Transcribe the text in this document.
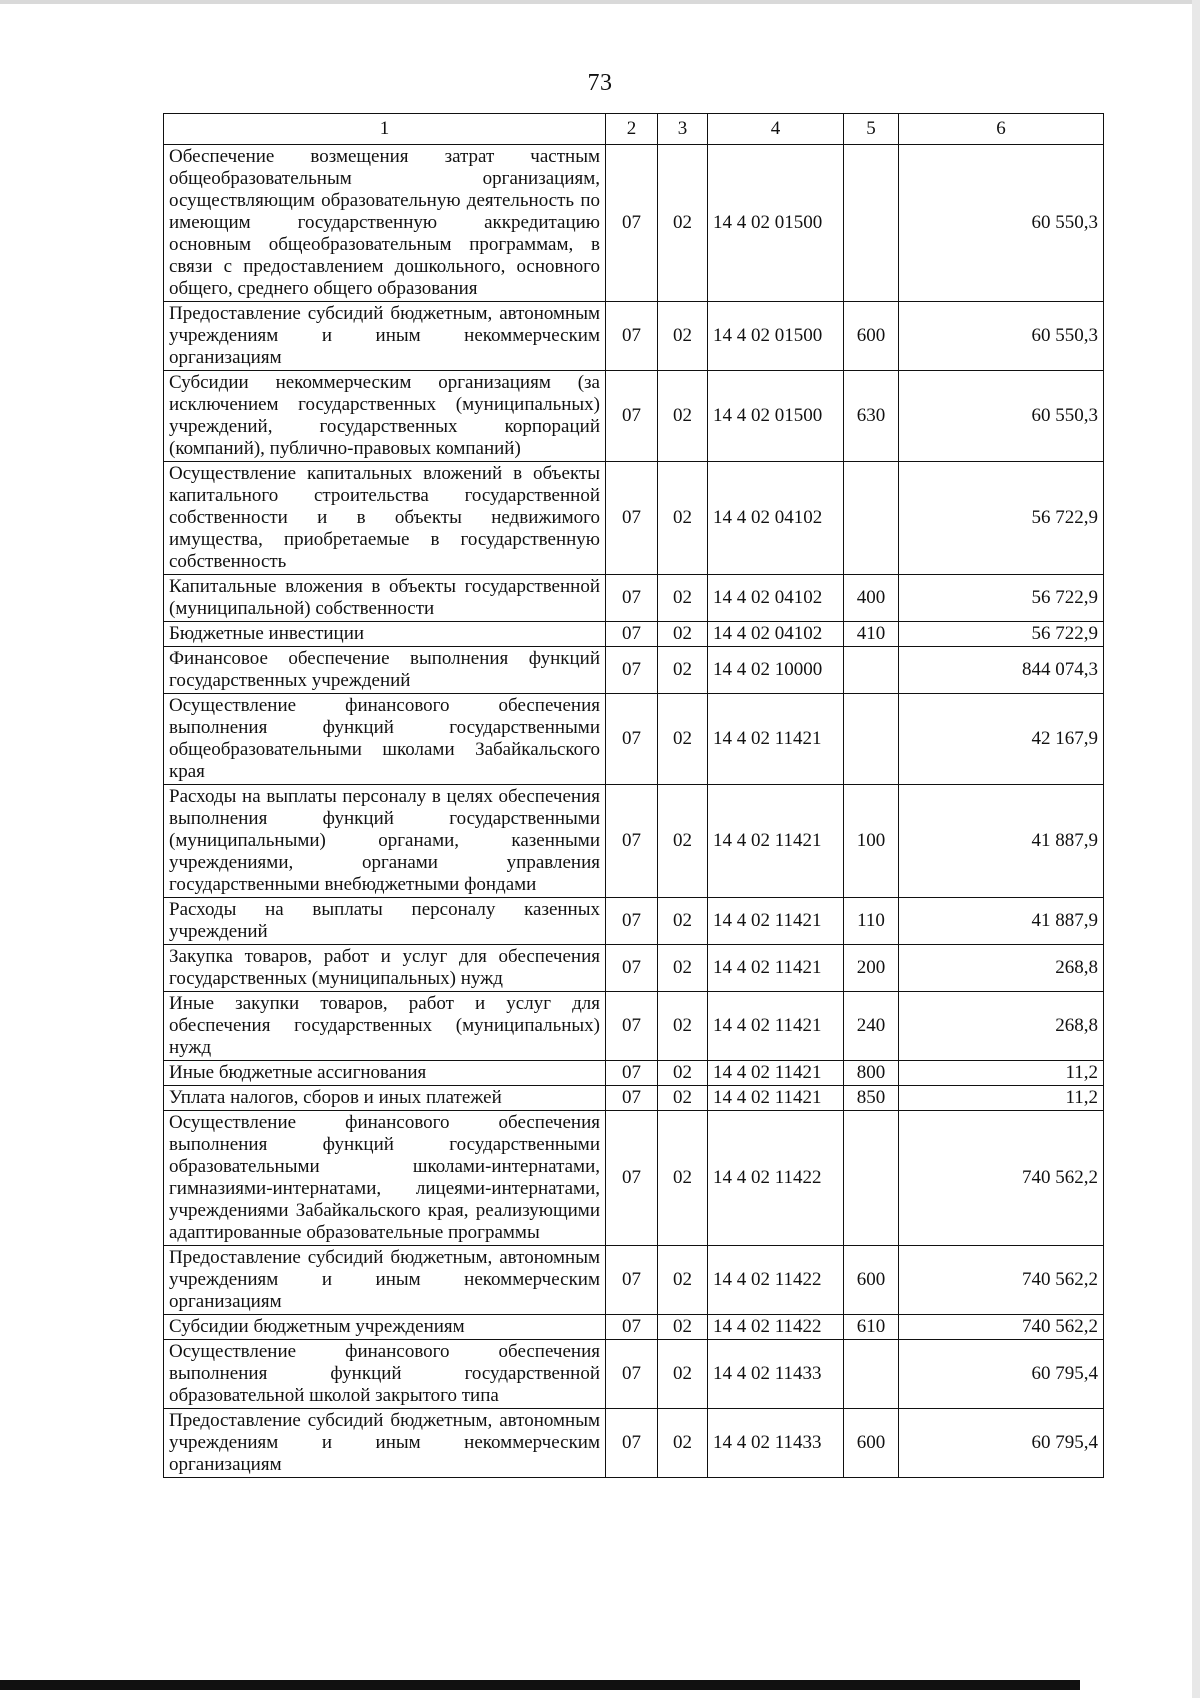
73
1	2	3	4	5	6
Обеспечение возмещения затрат частным общеобразовательным организациям, осуществляющим образовательную деятельность по имеющим государственную аккредитацию основным общеобразовательным программам, в связи с предоставлением дошкольного, основного общего, среднего общего образования	07	02	14 4 02 01500		60 550,3
Предоставление субсидий бюджетным, автономным учреждениям и иным некоммерческим организациям	07	02	14 4 02 01500	600	60 550,3
Субсидии некоммерческим организациям (за исключением государственных (муниципальных) учреждений, государственных корпораций (компаний), публично-правовых компаний)	07	02	14 4 02 01500	630	60 550,3
Осуществление капитальных вложений в объекты капитального строительства государственной собственности и в объекты недвижимого имущества, приобретаемые в государственную собственность	07	02	14 4 02 04102		56 722,9
Капитальные вложения в объекты государственной (муниципальной) собственности	07	02	14 4 02 04102	400	56 722,9
Бюджетные инвестиции	07	02	14 4 02 04102	410	56 722,9
Финансовое обеспечение выполнения функций государственных учреждений	07	02	14 4 02 10000		844 074,3
Осуществление финансового обеспечения выполнения функций государственными общеобразовательными школами Забайкальского края	07	02	14 4 02 11421		42 167,9
Расходы на выплаты персоналу в целях обеспечения выполнения функций государственными (муниципальными) органами, казенными учреждениями, органами управления государственными внебюджетными фондами	07	02	14 4 02 11421	100	41 887,9
Расходы на выплаты персоналу казенных учреждений	07	02	14 4 02 11421	110	41 887,9
Закупка товаров, работ и услуг для обеспечения государственных (муниципальных) нужд	07	02	14 4 02 11421	200	268,8
Иные закупки товаров, работ и услуг для обеспечения государственных (муниципальных) нужд	07	02	14 4 02 11421	240	268,8
Иные бюджетные ассигнования	07	02	14 4 02 11421	800	11,2
Уплата налогов, сборов и иных платежей	07	02	14 4 02 11421	850	11,2
Осуществление финансового обеспечения выполнения функций государственными образовательными школами-интернатами, гимназиями-интернатами, лицеями-интернатами, учреждениями Забайкальского края, реализующими адаптированные образовательные программы	07	02	14 4 02 11422		740 562,2
Предоставление субсидий бюджетным, автономным учреждениям и иным некоммерческим организациям	07	02	14 4 02 11422	600	740 562,2
Субсидии бюджетным учреждениям	07	02	14 4 02 11422	610	740 562,2
Осуществление финансового обеспечения выполнения функций государственной образовательной школой закрытого типа	07	02	14 4 02 11433		60 795,4
Предоставление субсидий бюджетным, автономным учреждениям и иным некоммерческим организациям	07	02	14 4 02 11433	600	60 795,4
